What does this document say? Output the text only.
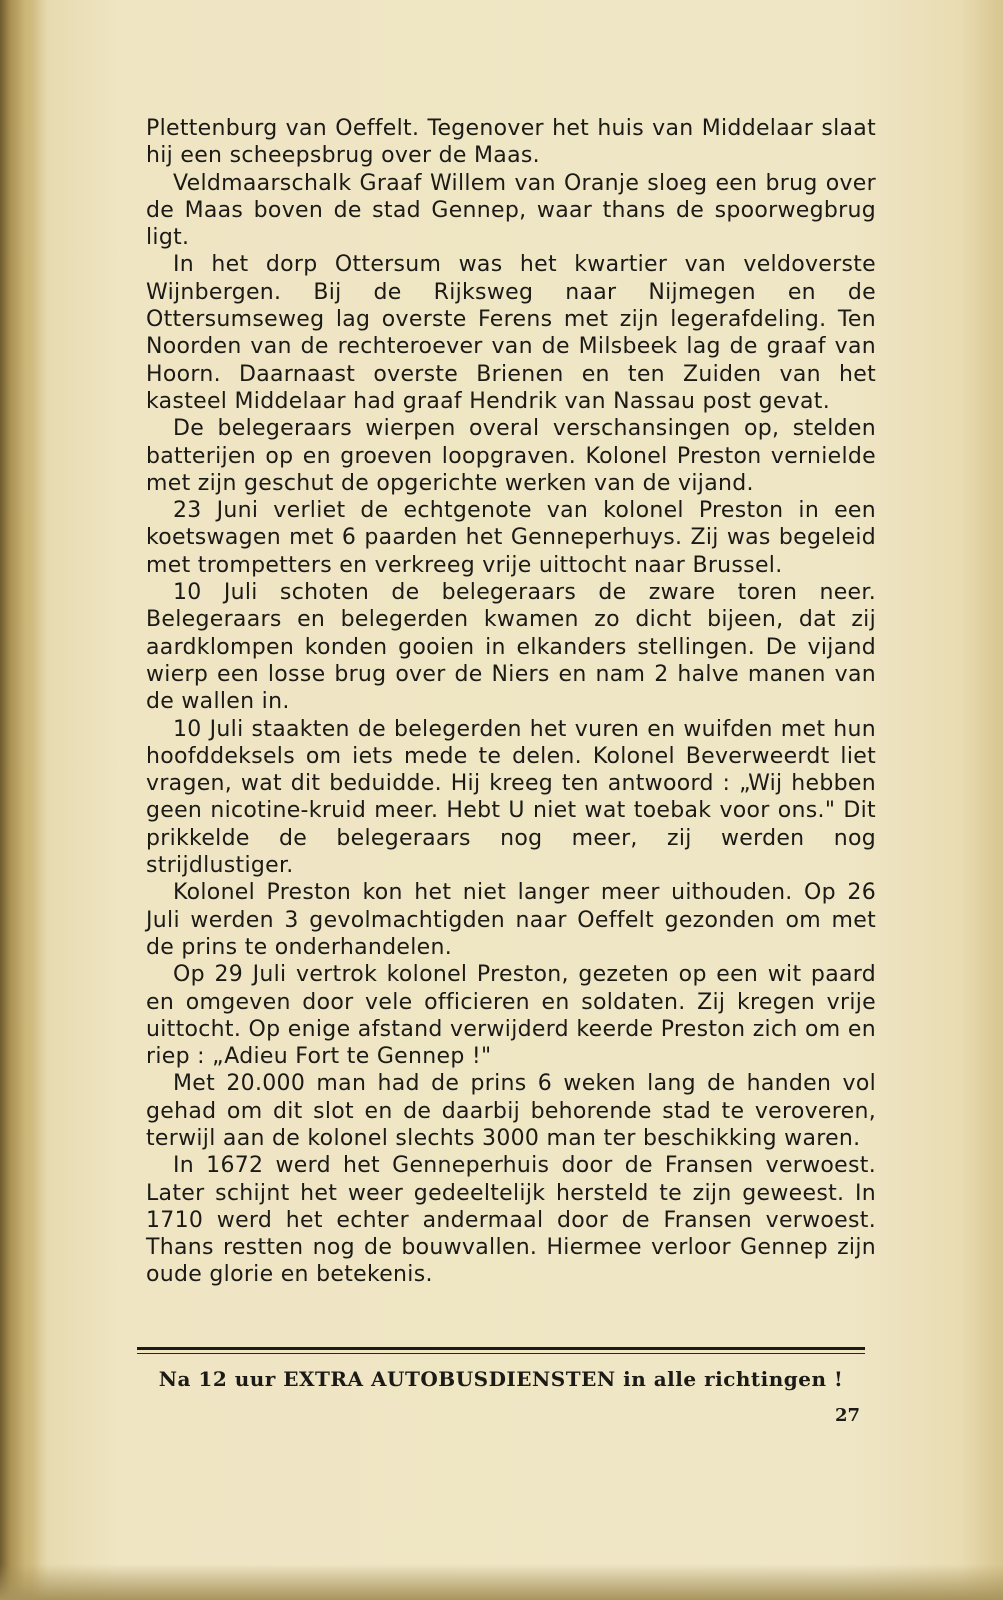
Plettenburg van Oeffelt. Tegenover het huis van Middelaar slaat hij een scheepsbrug over de Maas.

Veldmaarschalk Graaf Willem van Oranje sloeg een brug over de Maas boven de stad Gennep, waar thans de spoorwegbrug ligt.

In het dorp Ottersum was het kwartier van veldoverste Wijnbergen. Bij de Rijksweg naar Nijmegen en de Ottersumseweg lag overste Ferens met zijn legerafdeling. Ten Noorden van de rechteroever van de Milsbeek lag de graaf van Hoorn. Daarnaast overste Brienen en ten Zuiden van het kasteel Middelaar had graaf Hendrik van Nassau post gevat.

De belegeraars wierpen overal verschansingen op, stelden batterijen op en groeven loopgraven. Kolonel Preston vernielde met zijn geschut de opgerichte werken van de vijand.

23 Juni verliet de echtgenote van kolonel Preston in een koetswagen met 6 paarden het Genneperhuys. Zij was begeleid met trompetters en verkreeg vrije uittocht naar Brussel.

10 Juli schoten de belegeraars de zware toren neer. Belegeraars en belegerden kwamen zo dicht bijeen, dat zij aardklompen konden gooien in elkanders stellingen. De vijand wierp een losse brug over de Niers en nam 2 halve manen van de wallen in.

10 Juli staakten de belegerden het vuren en wuifden met hun hoofddeksels om iets mede te delen. Kolonel Beverweerdt liet vragen, wat dit beduidde. Hij kreeg ten antwoord : „Wij hebben geen nicotine-kruid meer. Hebt U niet wat toebak voor ons." Dit prikkelde de belegeraars nog meer, zij werden nog strijdlustiger.

Kolonel Preston kon het niet langer meer uithouden. Op 26 Juli werden 3 gevolmachtigden naar Oeffelt gezonden om met de prins te onderhandelen.

Op 29 Juli vertrok kolonel Preston, gezeten op een wit paard en omgeven door vele officieren en soldaten. Zij kregen vrije uittocht. Op enige afstand verwijderd keerde Preston zich om en riep : „Adieu Fort te Gennep !"

Met 20.000 man had de prins 6 weken lang de handen vol gehad om dit slot en de daarbij behorende stad te veroveren, terwijl aan de kolonel slechts 3000 man ter beschikking waren.

In 1672 werd het Genneperhuis door de Fransen verwoest. Later schijnt het weer gedeeltelijk hersteld te zijn geweest. In 1710 werd het echter andermaal door de Fransen verwoest. Thans restten nog de bouwvallen. Hiermee verloor Gennep zijn oude glorie en betekenis.

Na 12 uur EXTRA AUTOBUSDIENSTEN in alle richtingen !
27
